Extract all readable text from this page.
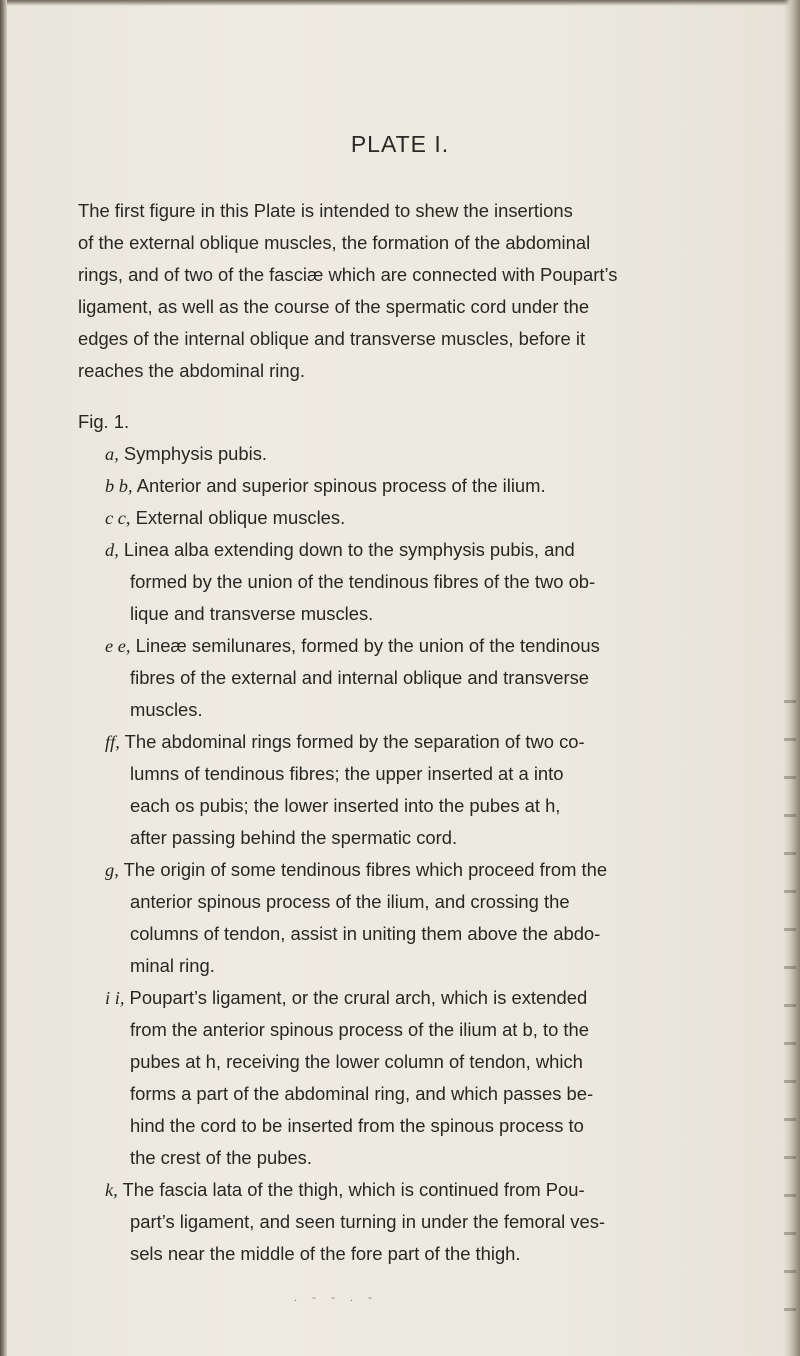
PLATE I.
The first figure in this Plate is intended to shew the insertions
of the external oblique muscles, the formation of the abdominal
rings, and of two of the fasciæ which are connected with Poupart’s
ligament, as well as the course of the spermatic cord under the
edges of the internal oblique and transverse muscles, before it
reaches the abdominal ring.
Fig. 1.
a, Symphysis pubis.
b b, Anterior and superior spinous process of the ilium.
c c, External oblique muscles.
d, Linea alba extending down to the symphysis pubis, and
formed by the union of the tendinous fibres of the two ob-
lique and transverse muscles.
e e, Lineæ semilunares, formed by the union of the tendinous
fibres of the external and internal oblique and transverse
muscles.
ff, The abdominal rings formed by the separation of two co-
lumns of tendinous fibres; the upper inserted at a into
each os pubis; the lower inserted into the pubes at h,
after passing behind the spermatic cord.
g, The origin of some tendinous fibres which proceed from the
anterior spinous process of the ilium, and crossing the
columns of tendon, assist in uniting them above the abdo-
minal ring.
i i, Poupart’s ligament, or the crural arch, which is extended
from the anterior spinous process of the ilium at b, to the
pubes at h, receiving the lower column of tendon, which
forms a part of the abdominal ring, and which passes be-
hind the cord to be inserted from the spinous process to
the crest of the pubes.
k, The fascia lata of the thigh, which is continued from Pou-
part’s ligament, and seen turning in under the femoral ves-
sels near the middle of the fore part of the thigh.
. - - . -
